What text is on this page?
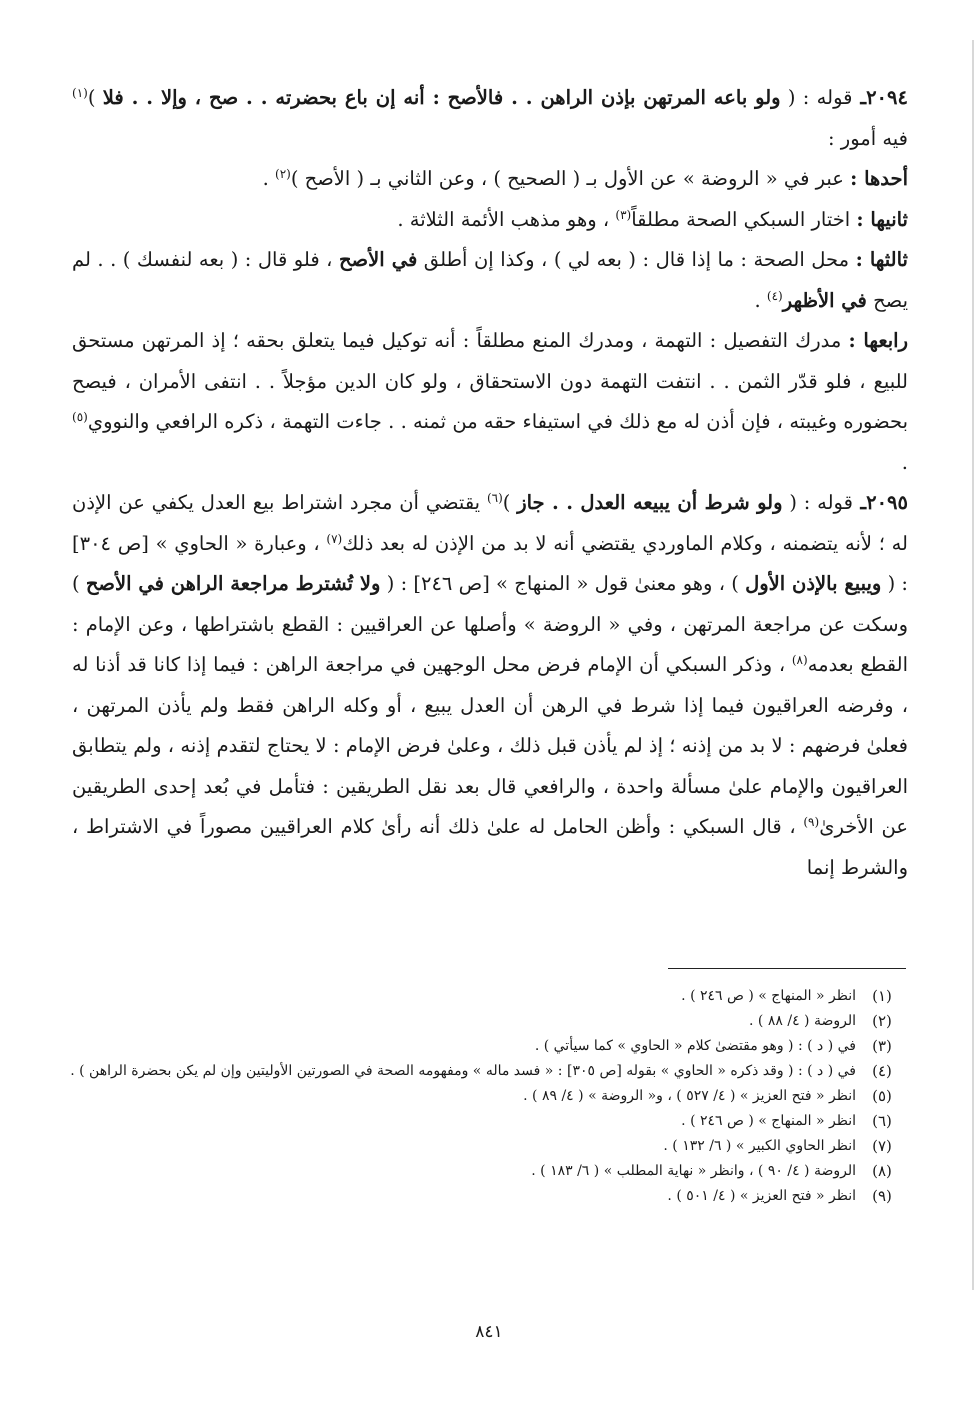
٢٠٩٤ـ قوله : ( ولو باعه المرتهن بإذن الراهن . . فالأصح : أنه إن باع بحضرته . . صح ، وإلا . . فلا )$^{(١)}$ فيه أمور :

أحدها : عبر في « الروضة » عن الأول بـ ( الصحيح ) ، وعن الثاني بـ ( الأصح )$^{(٢)}$ .

ثانيها : اختار السبكي الصحة مطلقاً$^{(٣)}$ ، وهو مذهب الأئمة الثلاثة .

ثالثها : محل الصحة : ما إذا قال : ( بعه لي ) ، وكذا إن أطلق في الأصح ، فلو قال : ( بعه لنفسك ) . . لم يصح في الأظهر$^{(٤)}$ .

رابعها : مدرك التفصيل : التهمة ، ومدرك المنع مطلقاً : أنه توكيل فيما يتعلق بحقه ؛ إذ المرتهن مستحق للبيع ، فلو قدّر الثمن . . انتفت التهمة دون الاستحقاق ، ولو كان الدين مؤجلاً . . انتفى الأمران ، فيصح بحضوره وغيبته ، فإن أذن له مع ذلك في استيفاء حقه من ثمنه . . جاءت التهمة ، ذكره الرافعي والنووي$^{(٥)}$ .

٢٠٩٥ـ قوله : ( ولو شرط أن يبيعه العدل . . جاز )$^{(٦)}$ يقتضي أن مجرد اشتراط بيع العدل يكفي عن الإذن له ؛ لأنه يتضمنه ، وكلام الماوردي يقتضي أنه لا بد من الإذن له بعد ذلك$^{(٧)}$ ، وعبارة « الحاوي » [ص ٣٠٤] : ( ويبيع بالإذن الأول ) ، وهو معنىٰ قول « المنهاج » [ص ٢٤٦] : ( ولا تُشترط مراجعة الراهن في الأصح ) وسكت عن مراجعة المرتهن ، وفي « الروضة » وأصلها عن العراقيين : القطع باشتراطها ، وعن الإمام : القطع بعدمه$^{(٨)}$ ، وذكر السبكي أن الإمام فرض محل الوجهين في مراجعة الراهن : فيما إذا كانا قد أذنا له ، وفرضه العراقيون فيما إذا شرط في الرهن أن العدل يبيع ، أو وكله الراهن فقط ولم يأذن المرتهن ، فعلىٰ فرضهم : لا بد من إذنه ؛ إذ لم يأذن قبل ذلك ، وعلىٰ فرض الإمام : لا يحتاج لتقدم إذنه ، ولم يتطابق العراقيون والإمام علىٰ مسألة واحدة ، والرافعي قال بعد نقل الطريقين : فتأمل في بُعد إحدى الطريقين عن الأخرىٰ$^{(٩)}$ ، قال السبكي : وأظن الحامل له علىٰ ذلك أنه رأىٰ كلام العراقيين مصوراً في الاشتراط ، والشرط إنما

(١)
انظر « المنهاج » ( ص ٢٤٦ ) .
(٢)
الروضة ( ٤/ ٨٨ ) .
(٣)
في ( د ) : ( وهو مقتضىٰ كلام « الحاوي » كما سيأتي ) .
(٤)
في ( د ) : ( وقد ذكره « الحاوي » بقوله [ص ٣٠٥] : « فسد ماله » ومفهومه الصحة في الصورتين الأوليتين وإن لم يكن بحضرة الراهن ) .
(٥)
انظر « فتح العزيز » ( ٤/ ٥٢٧ ) ، و« الروضة » ( ٤/ ٨٩ ) .
(٦)
انظر « المنهاج » ( ص ٢٤٦ ) .
(٧)
انظر الحاوي الكبير » ( ٦/ ١٣٢ ) .
(٨)
الروضة ( ٤/ ٩٠ ) ، وانظر « نهاية المطلب » ( ٦/ ١٨٣ ) .
(٩)
انظر « فتح العزيز » ( ٤/ ٥٠١ ) .
٨٤١
